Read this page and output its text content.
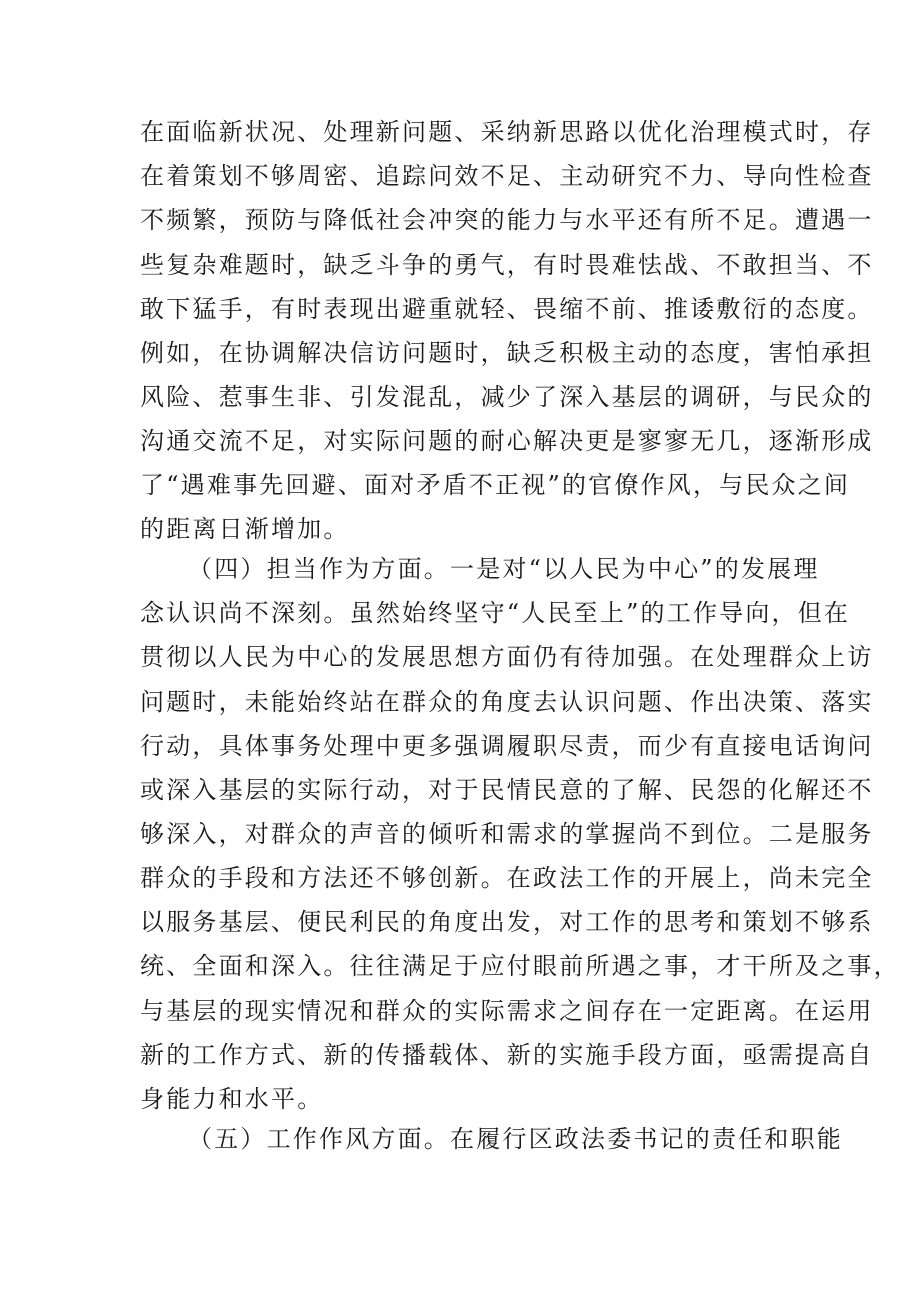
在面临新状况、处理新问题、采纳新思路以优化治理模式时，存
在着策划不够周密、追踪问效不足、主动研究不力、导向性检查
不频繁，预防与降低社会冲突的能力与水平还有所不足。遭遇一
些复杂难题时，缺乏斗争的勇气，有时畏难怯战、不敢担当、不
敢下猛手，有时表现出避重就轻、畏缩不前、推诿敷衍的态度。
例如，在协调解决信访问题时，缺乏积极主动的态度，害怕承担
风险、惹事生非、引发混乱，减少了深入基层的调研，与民众的
沟通交流不足，对实际问题的耐心解决更是寥寥无几，逐渐形成
了“遇难事先回避、面对矛盾不正视”的官僚作风，与民众之间
的距离日渐增加。
（四）担当作为方面。一是对“以人民为中心”的发展理
念认识尚不深刻。虽然始终坚守“人民至上”的工作导向，但在
贯彻以人民为中心的发展思想方面仍有待加强。在处理群众上访
问题时，未能始终站在群众的角度去认识问题、作出决策、落实
行动，具体事务处理中更多强调履职尽责，而少有直接电话询问
或深入基层的实际行动，对于民情民意的了解、民怨的化解还不
够深入，对群众的声音的倾听和需求的掌握尚不到位。二是服务
群众的手段和方法还不够创新。在政法工作的开展上，尚未完全
以服务基层、便民利民的角度出发，对工作的思考和策划不够系
统、全面和深入。往往满足于应付眼前所遇之事，才干所及之事，
与基层的现实情况和群众的实际需求之间存在一定距离。在运用
新的工作方式、新的传播载体、新的实施手段方面，亟需提高自
身能力和水平。
（五）工作作风方面。在履行区政法委书记的责任和职能
